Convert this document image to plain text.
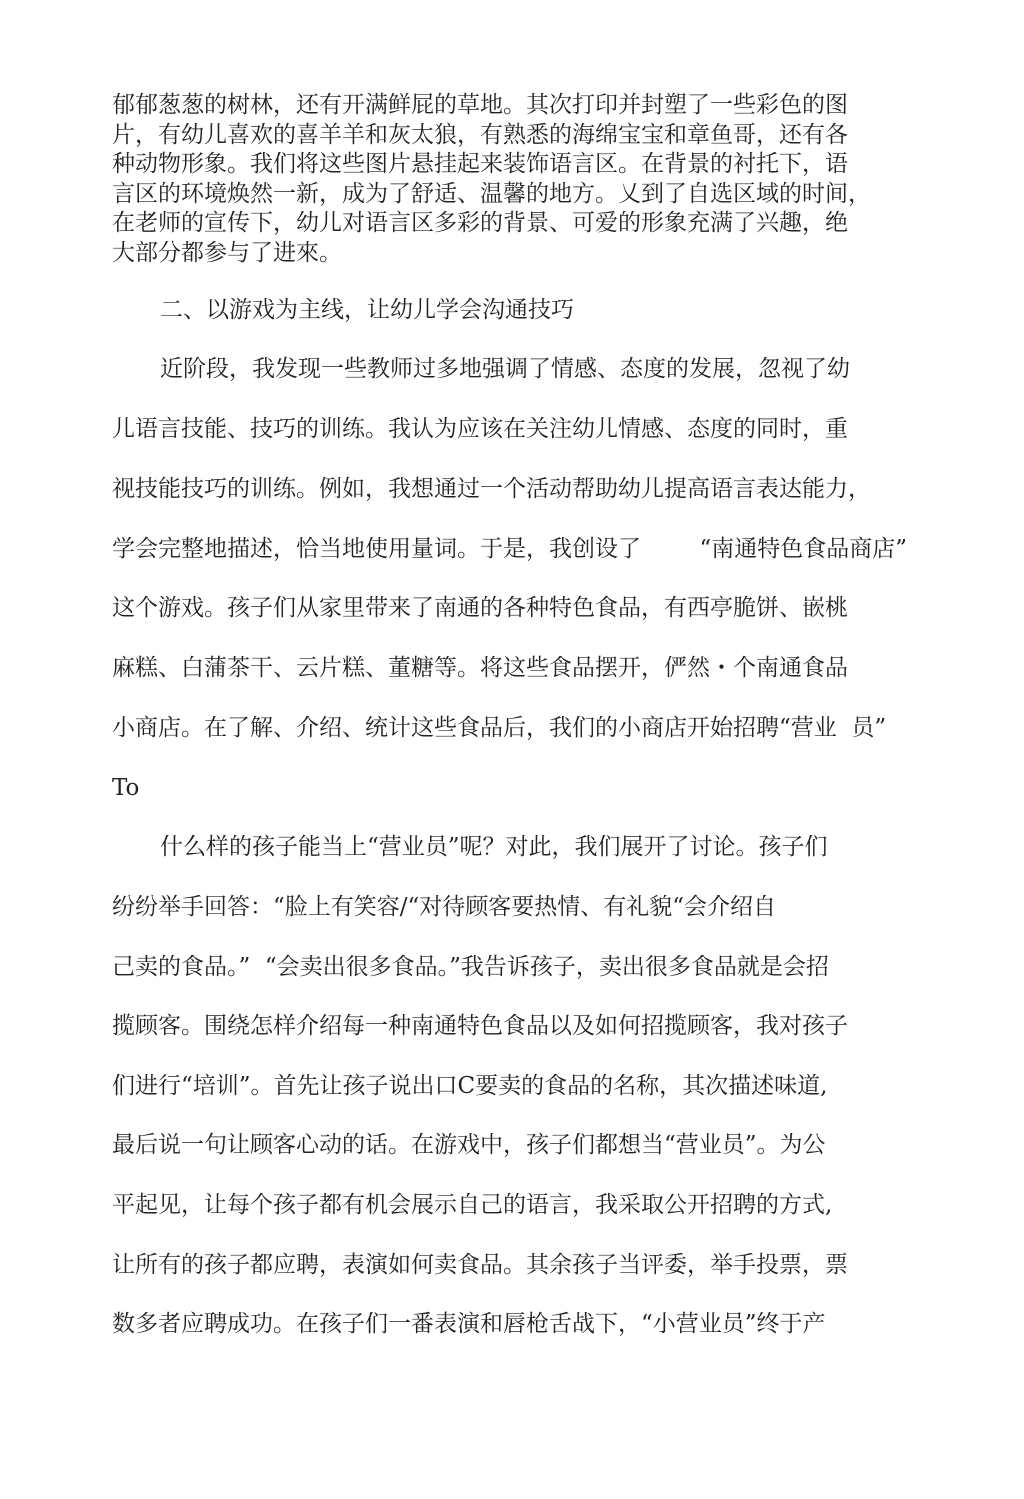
郁郁葱葱的树林，还有开满鲜屁的草地。其次打印并封塑了一些彩色的图
片，有幼儿喜欢的喜羊羊和灰太狼，有熟悉的海绵宝宝和章鱼哥，还有各
种动物形象。我们将这些图片悬挂起来装饰语言区。在背景的衬托下，语
言区的环境焕然一新，成为了舒适、温馨的地方。乂到了自选区域的时间，
在老师的宣传下，幼儿对语言区多彩的背景、可爱的形象充满了兴趣，绝
大部分都参与了进來。
二、以游戏为主线，让幼儿学会沟通技巧
近阶段，我发现一些教师过多地强调了情感、态度的发展，忽视了幼
儿语言技能、技巧的训练。我认为应该在关注幼儿情感、态度的同时，重
视技能技巧的训练。例如，我想通过一个活动帮助幼儿提高语言表达能力，
学会完整地描述，恰当地使用量词。于是，我创设了        “南通特色食品商店”
这个游戏。孩子们从家里带来了南通的各种特色食品，有西亭脆饼、嵌桃
麻糕、白蒲茶干、云片糕、董糖等。将这些食品摆开，俨然・个南通食品
小商店。在了解、介绍、统计这些食品后，我们的小商店开始招聘“营业  员”
To
什么样的孩子能当上“营业员”呢？对此，我们展开了讨论。孩子们
纷纷举手回答：“脸上有笑容/“对待顾客要热情、有礼貌“会介绍自
己卖的食品。”  “会卖出很多食品。”我告诉孩子，卖出很多食品就是会招
揽顾客。围绕怎样介绍每一种南通特色食品以及如何招揽顾客，我对孩子
们进行“培训”。首先让孩子说出口C要卖的食品的名称，其次描述味道,
最后说一句让顾客心动的话。在游戏中，孩子们都想当“营业员”。为公
平起见，让每个孩子都有机会展示自己的语言，我采取公开招聘的方式,
让所有的孩子都应聘，表演如何卖食品。其余孩子当评委，举手投票，票
数多者应聘成功。在孩子们一番表演和唇枪舌战下，“小营业员”终于产
